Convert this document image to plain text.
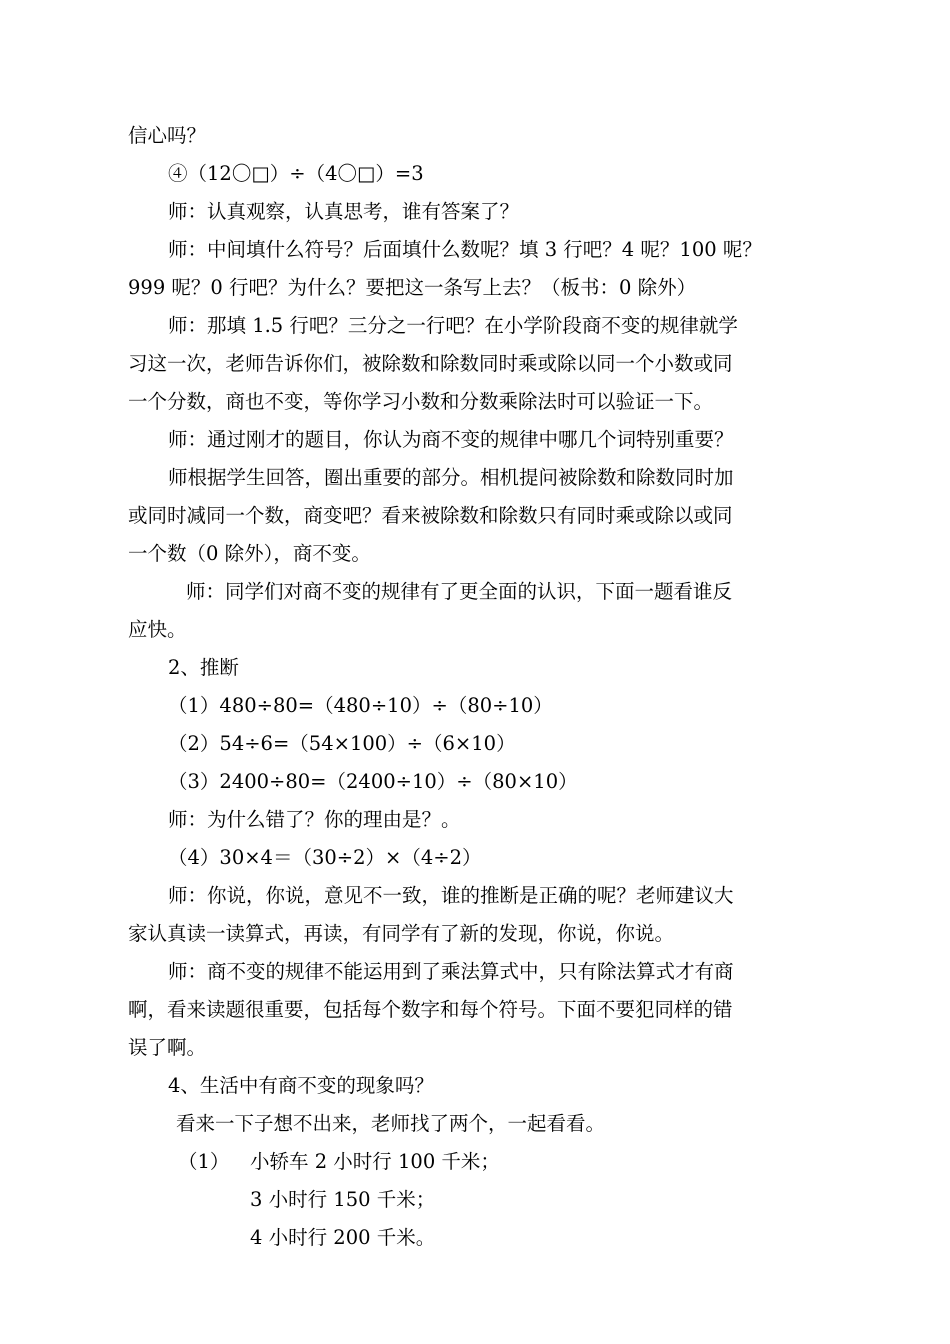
信心吗？
④（12〇□）÷（4〇□）=3
师：认真观察，认真思考，谁有答案了？
师：中间填什么符号？后面填什么数呢？填 3 行吧？4 呢？100 呢？
999 呢？0 行吧？为什么？要把这一条写上去？（板书：0 除外）
师：那填 1.5 行吧？三分之一行吧？在小学阶段商不变的规律就学
习这一次，老师告诉你们，被除数和除数同时乘或除以同一个小数或同
一个分数，商也不变，等你学习小数和分数乘除法时可以验证一下。
师：通过刚才的题目，你认为商不变的规律中哪几个词特别重要？
师根据学生回答，圈出重要的部分。相机提问被除数和除数同时加
或同时减同一个数，商变吧？看来被除数和除数只有同时乘或除以或同
一个数（0 除外），商不变。
师：同学们对商不变的规律有了更全面的认识，下面一题看谁反
应快。
2、推断
（1）480÷80=（480÷10）÷（80÷10）
（2）54÷6=（54×100）÷（6×10）
（3）2400÷80=（2400÷10）÷（80×10）
师：为什么错了？你的理由是？。
（4）30×4＝（30÷2）×（4÷2）
师：你说，你说，意见不一致，谁的推断是正确的呢？老师建议大
家认真读一读算式，再读，有同学有了新的发现，你说，你说。
师：商不变的规律不能运用到了乘法算式中，只有除法算式才有商
啊，看来读题很重要，包括每个数字和每个符号。下面不要犯同样的错
误了啊。
4、生活中有商不变的现象吗？
看来一下子想不出来，老师找了两个，一起看看。
（1） 小轿车 2 小时行 100 千米；
3 小时行 150 千米；
4 小时行 200 千米。
